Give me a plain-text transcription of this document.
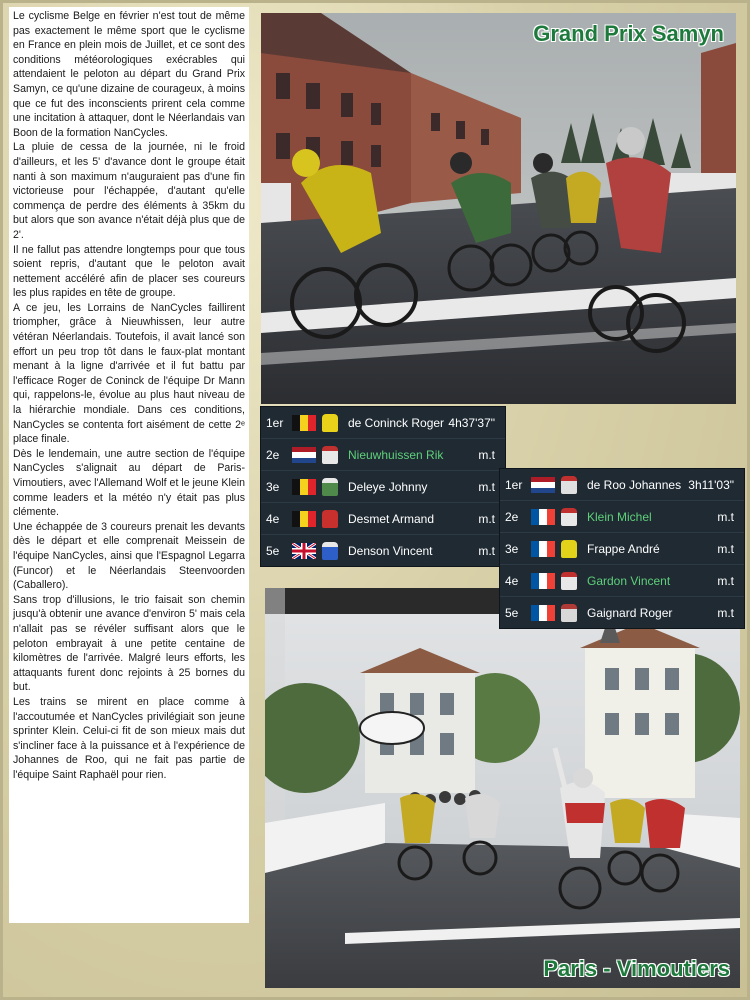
Le cyclisme Belge en février n'est tout de même pas exactement le même sport que le cyclisme en France en plein mois de Juillet, et ce sont des conditions météorologiques exécrables qui attendaient le peloton au départ du Grand Prix Samyn, ce qu'une dizaine de courageux, à moins que ce fut des inconscients prirent cela comme une incitation à attaquer, dont le Néerlandais van Boon de la formation NanCycles.

La pluie de cessa de la journée, ni le froid d'ailleurs, et les 5' d'avance dont le groupe était nanti à son maximum n'auguraient pas d'une fin victorieuse pour l'échappée, d'autant qu'elle commença de perdre des éléments à 35km du but alors que son avance n'était déjà plus que de 2'.

Il ne fallut pas attendre longtemps pour que tous soient repris, d'autant que le peloton avait nettement accéléré afin de placer ses coureurs les plus rapides en tête de groupe.

A ce jeu, les Lorrains de NanCycles faillirent triompher, grâce à Nieuwhissen, leur autre vétéran Néerlandais. Toutefois, il avait lancé son effort un peu trop tôt dans le faux-plat montant menant à la ligne d'arrivée et il fut battu par l'efficace Roger de Coninck de l'équipe Dr Mann qui, rappelons-le, évolue au plus haut niveau de la hiérarchie mondiale. Dans ces conditions, NanCycles se contenta fort aisément de cette 2ᵉ place finale.

Dès le lendemain, une autre section de l'équipe NanCycles s'alignait au départ de Paris-Vimoutiers, avec l'Allemand Wolf et le jeune Klein comme leaders et la météo n'y était pas plus clémente.

Une échappée de 3 coureurs prenait les devants dès le départ et elle comprenait Meissein de l'équipe NanCycles, ainsi que l'Espagnol Legarra (Funcor) et le Néerlandais Steenvoorden (Caballero).

Sans trop d'illusions, le trio faisait son chemin jusqu'à obtenir une avance d'environ 5' mais cela n'allait pas se révéler suffisant alors que le peloton embrayait à une petite centaine de kilomètres de l'arrivée. Malgré leurs efforts, les attaquants furent donc rejoints à 25 bornes du but.

Les trains se mirent en place comme à l'accoutumée et NanCycles privilégiait son jeune sprinter Klein. Celui-ci fit de son mieux mais dut s'incliner face à la puissance et à l'expérience de Johannes de Roo, qui ne fait pas partie de l'équipe Saint Raphaël pour rien.

Grand Prix Samyn
Paris - Vimoutiers
1er	de Coninck Roger 4h37'37"
2e	Nieuwhuissen Rik	m.t
3e	Deleye Johnny	m.t
4e	Desmet Armand	m.t
5e	Denson Vincent	m.t
1er	de Roo Johannes 3h11'03"
2e	Klein Michel	m.t
3e	Frappe André	m.t
4e	Gardon Vincent	m.t
5e	Gaignard Roger	m.t
